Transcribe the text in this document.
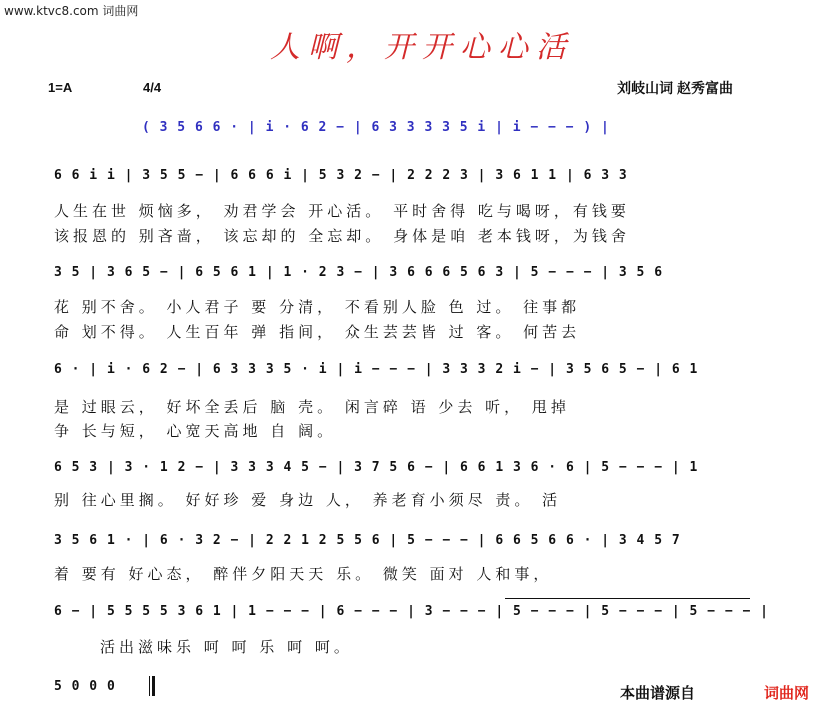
www.ktvc8.com 词曲网
人啊，开开心心活
1=A	4/4	刘岐山词 赵秀富曲
( 3 5 6 6 · | i · 6 2 − | 6 3 3 3 3 5 i | i − − − ) |
6 6 i i | 3 5 5 − | 6 6 6 i | 5 3 2 − | 2 2 2 3 | 3 6 1 1 | 6 3 3
人生在世 烦恼多， 劝君学会 开心活。 平时舍得 吃与喝呀，有钱要
该报恩的 别吝啬， 该忘却的 全忘却。 身体是咱 老本钱呀，为钱舍
3 5 | 3 6 5 − | 6 5 6 1 | 1 · 2 3 − | 3 6 6 6 5 6 3 | 5 − − − | 3 5 6
花 别不舍。 小人君子 要 分清， 不看别人脸 色 过。 往事都
命 划不得。 人生百年 弹 指间， 众生芸芸皆 过 客。 何苦去
6 · | i · 6 2 − | 6 3 3 3 5 · i | i − − − | 3 3 3 2 i − | 3 5 6 5 − | 6 1
是 过眼云， 好坏全丢后 脑 壳。 闲言碎 语 少去 听， 甩掉
争 长与短， 心宽天高地 自 阔。
6 5 3 | 3 · 1 2 − | 3 3 3 4 5 − | 3 7 5 6 − | 6 6 1 3 6 · 6 | 5 − − − | 1
别 往心里搁。 好好珍 爱 身边 人， 养老育小须尽 责。 活
3 5 6 1 · | 6 · 3 2 − | 2 2 1 2 5 5 6 | 5 − − − | 6 6 5 6 6 · | 3 4 5 7
着 要有 好心态， 醉伴夕阳天天 乐。 微笑 面对 人和事，
6 − | 5 5 5 5 3 6 1 | 1 − − − | 6 − − − | 3 − − − | 5 − − − | 5 − − − | 5 − − − |
活出滋味乐 呵 呵 乐 呵 呵。
5 0 0 0	本曲谱源自	词曲网
